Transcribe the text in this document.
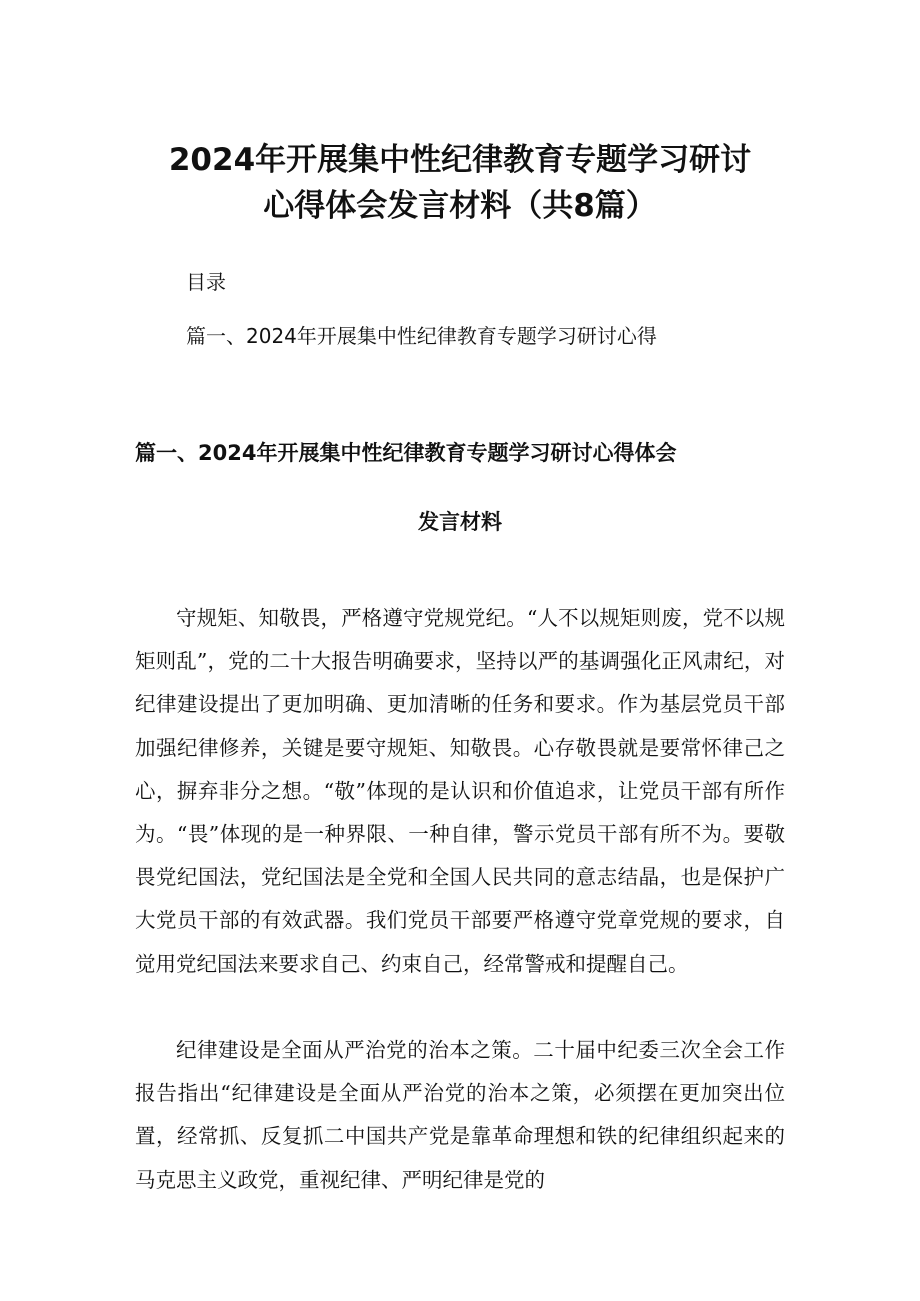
2024年开展集中性纪律教育专题学习研讨
心得体会发言材料（共8篇）
目录
篇一、2024年开展集中性纪律教育专题学习研讨心得
篇一、2024年开展集中性纪律教育专题学习研讨心得体会
发言材料

守规矩、知敬畏，严格遵守党规党纪。“人不以规矩则废，党不以规矩则乱”，党的二十大报告明确要求，坚持以严的基调强化正风肃纪，对纪律建设提出了更加明确、更加清晰的任务和要求。作为基层党员干部加强纪律修养，关键是要守规矩、知敬畏。心存敬畏就是要常怀律己之心，摒弃非分之想。“敬”体现的是认识和价值追求，让党员干部有所作为。“畏”体现的是一种界限、一种自律，警示党员干部有所不为。要敬畏党纪国法，党纪国法是全党和全国人民共同的意志结晶，也是保护广大党员干部的有效武器。我们党员干部要严格遵守党章党规的要求，自觉用党纪国法来要求自己、约束自己，经常警戒和提醒自己。

纪律建设是全面从严治党的治本之策。二十届中纪委三次全会工作报告指出“纪律建设是全面从严治党的治本之策，必须摆在更加突出位置，经常抓、反复抓二中国共产党是靠革命理想和铁的纪律组织起来的马克思主义政党，重视纪律、严明纪律是党的
